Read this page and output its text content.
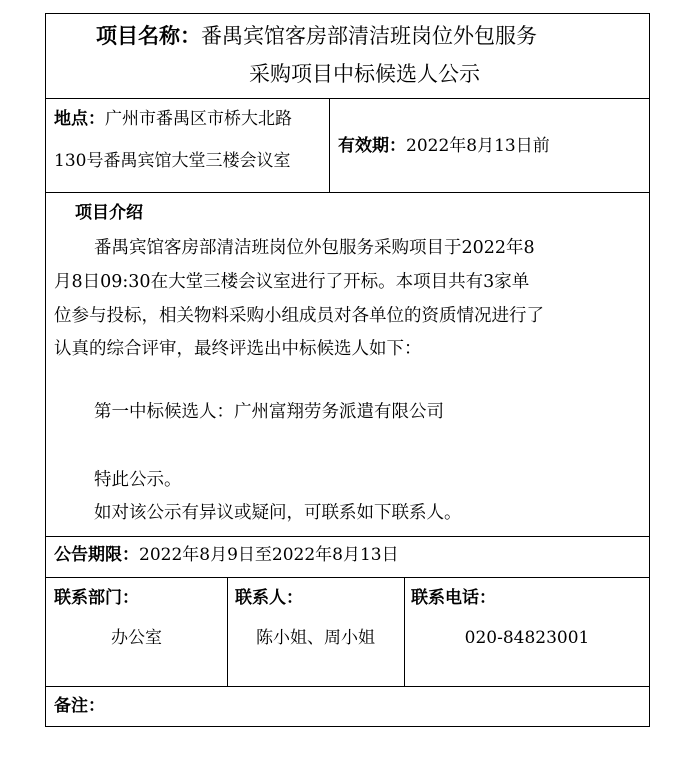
项目名称：番禺宾馆客房部清洁班岗位外包服务
采购项目中标候选人公示
地点：广州市番禺区市桥大北路
130号番禺宾馆大堂三楼会议室
有效期：2022年8月13日前
项目介绍
番禺宾馆客房部清洁班岗位外包服务采购项目于2022年8
月8日09:30在大堂三楼会议室进行了开标。本项目共有3家单
位参与投标，相关物料采购小组成员对各单位的资质情况进行了
认真的综合评审，最终评选出中标候选人如下：
第一中标候选人：广州富翔劳务派遣有限公司
特此公示。
如对该公示有异议或疑问，可联系如下联系人。
公告期限：2022年8月9日至2022年8月13日
联系部门：
办公室
联系人：
陈小姐、周小姐
联系电话：
020-84823001
备注：
